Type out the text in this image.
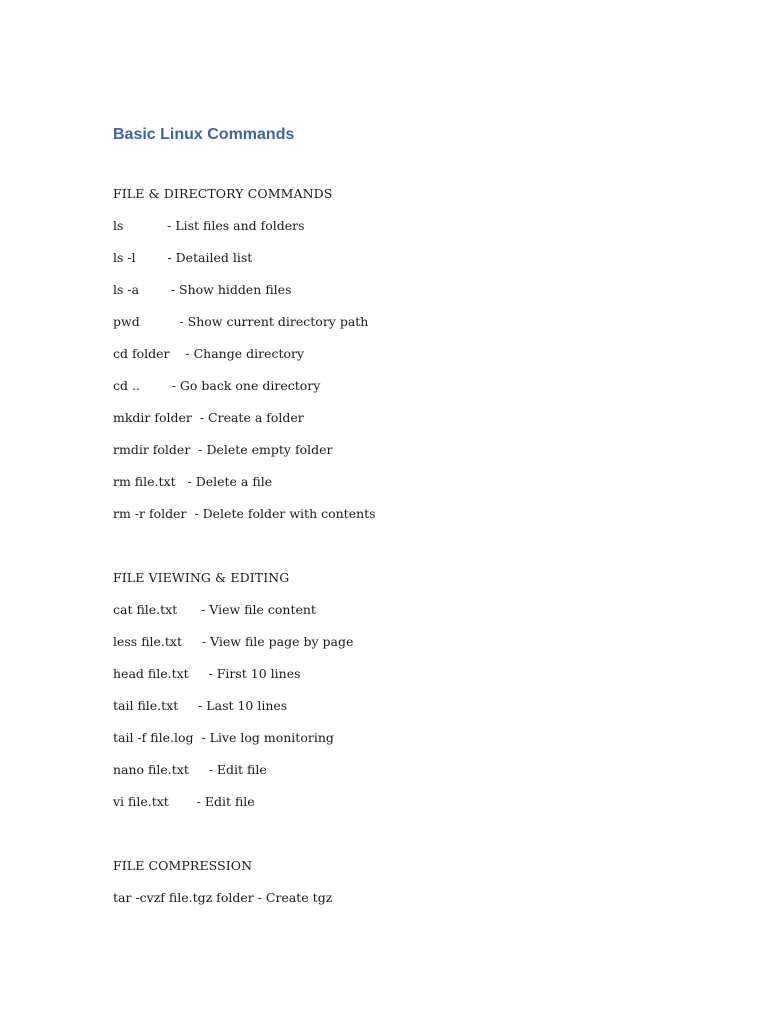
Basic Linux Commands
FILE & DIRECTORY COMMANDS
ls           - List files and folders
ls -l        - Detailed list
ls -a        - Show hidden files
pwd          - Show current directory path
cd folder    - Change directory
cd ..        - Go back one directory
mkdir folder  - Create a folder
rmdir folder  - Delete empty folder
rm file.txt   - Delete a file
rm -r folder  - Delete folder with contents
FILE VIEWING & EDITING
cat file.txt      - View file content
less file.txt     - View file page by page
head file.txt     - First 10 lines
tail file.txt     - Last 10 lines
tail -f file.log  - Live log monitoring
nano file.txt     - Edit file
vi file.txt       - Edit file
FILE COMPRESSION
tar -cvzf file.tgz folder - Create tgz
